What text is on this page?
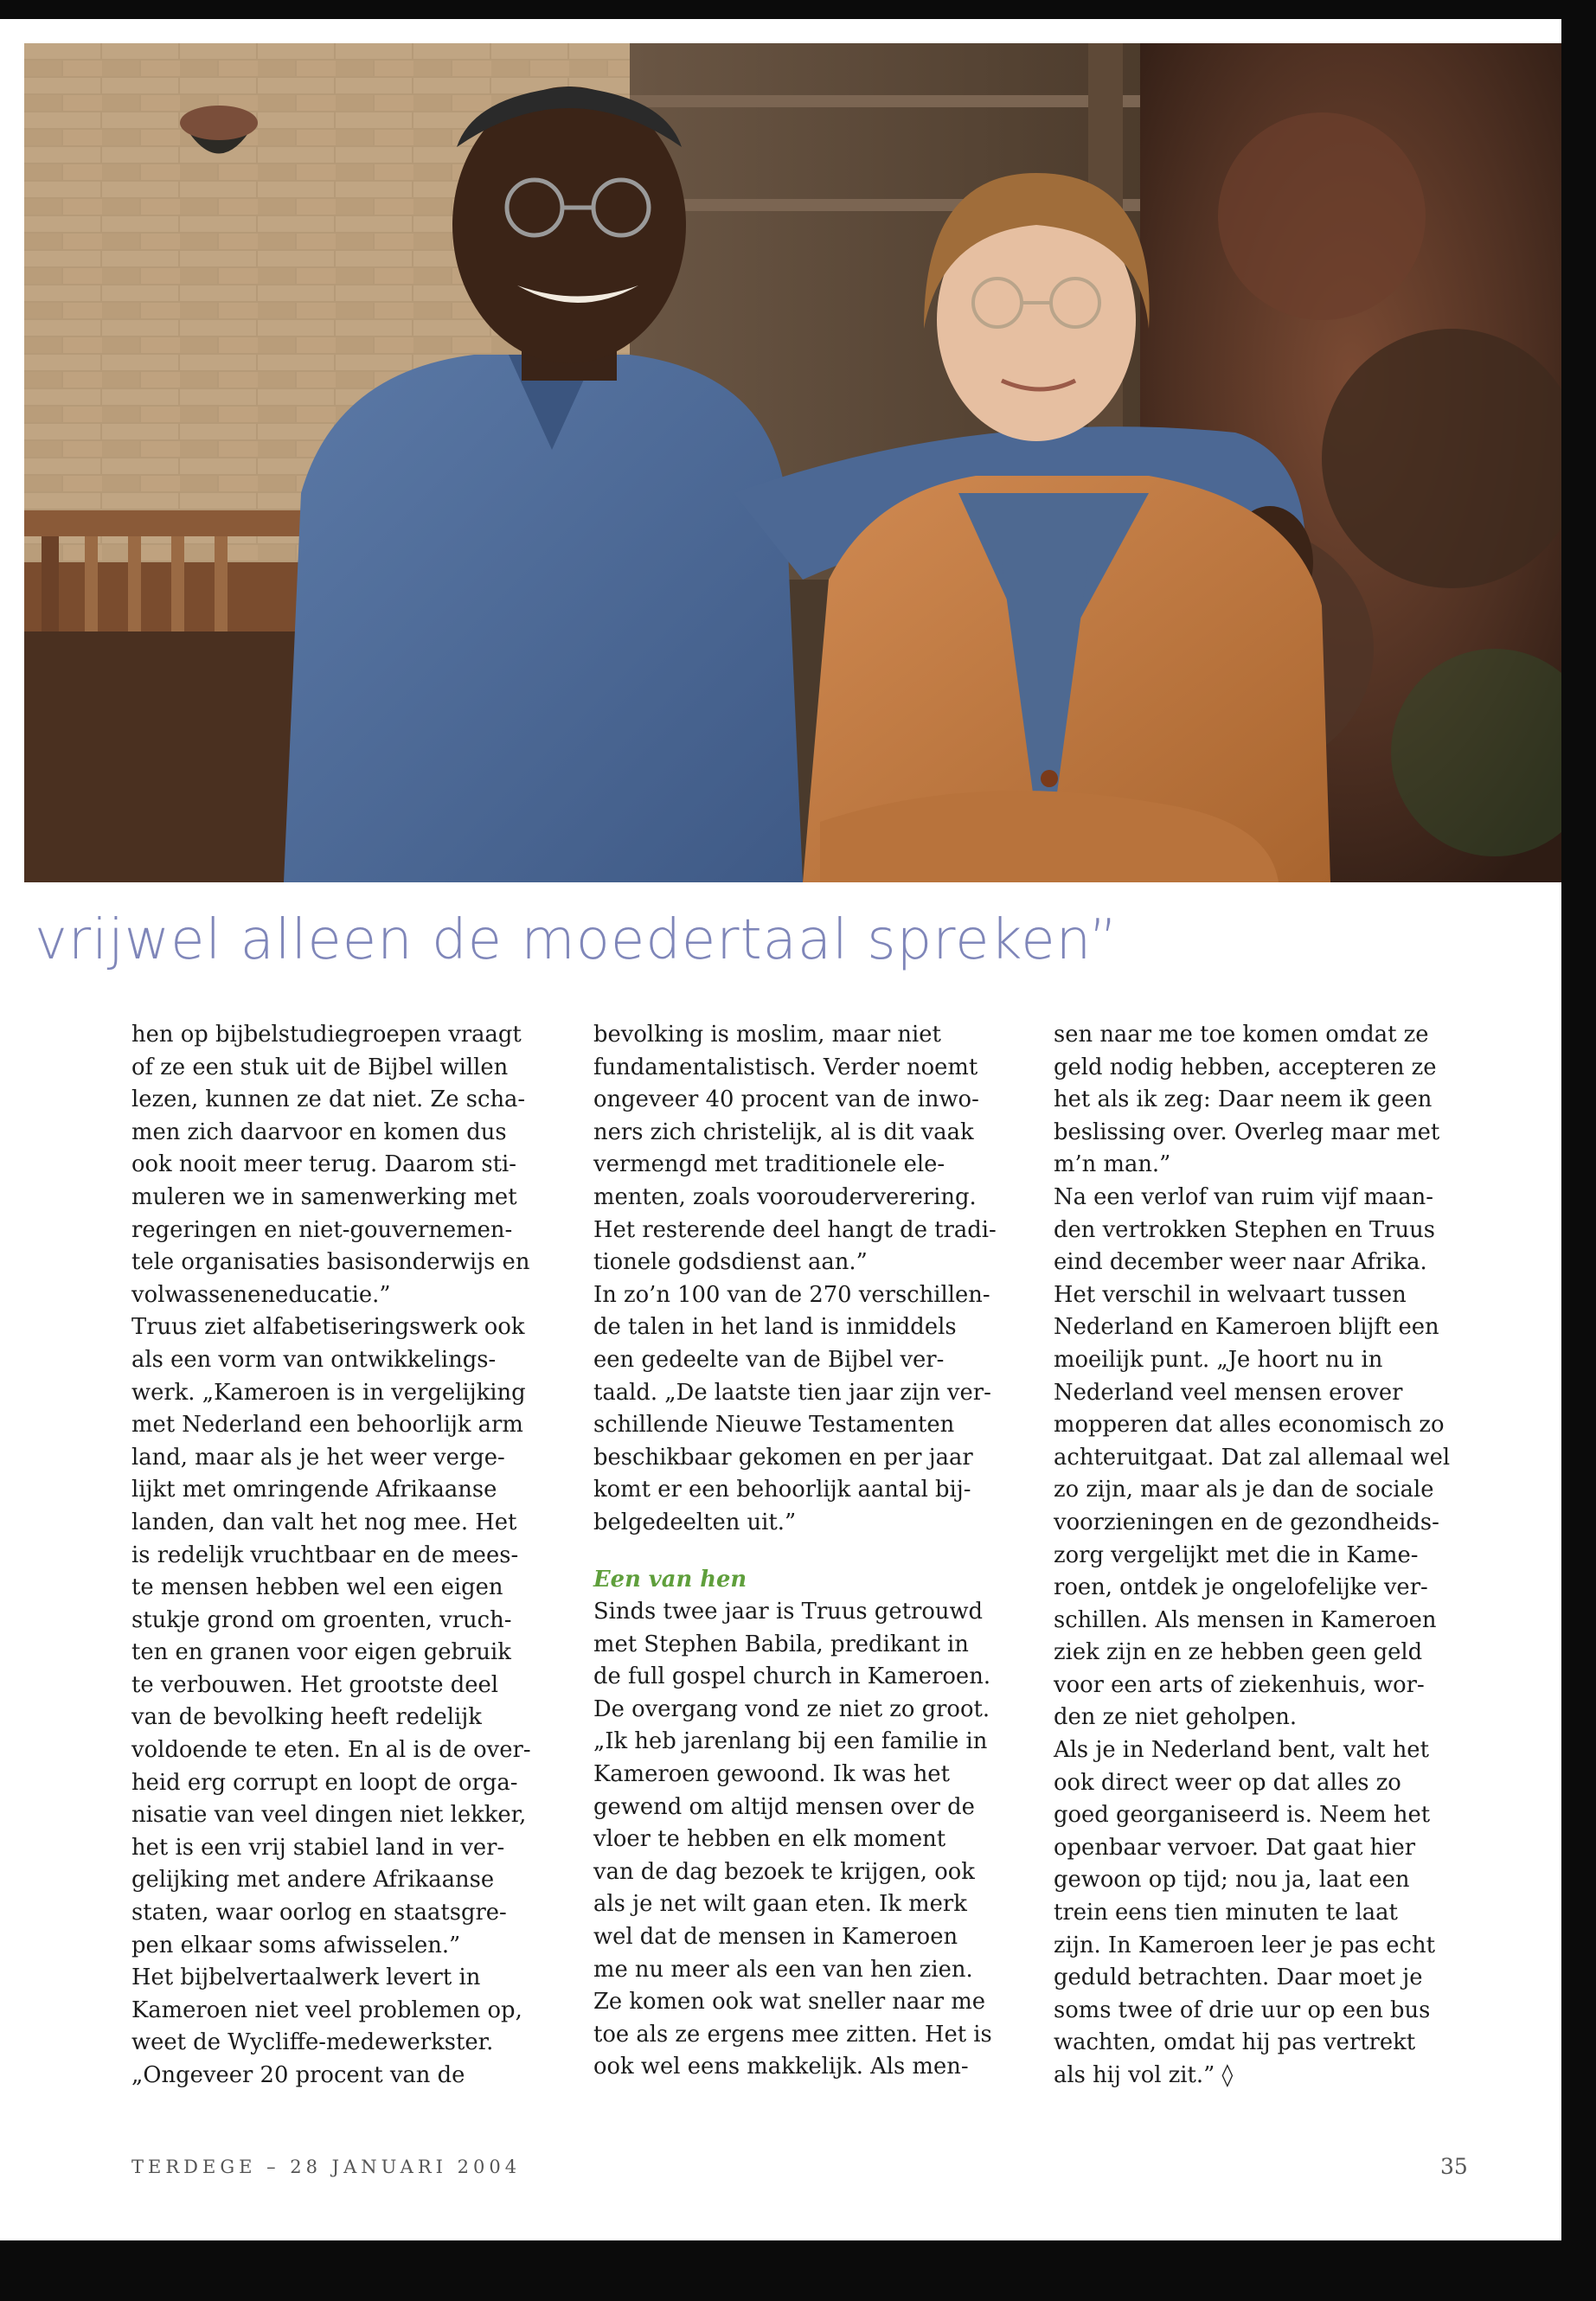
vrijwel alleen de moedertaal spreken”
hen op bijbelstudiegroepen vraagt
of ze een stuk uit de Bijbel willen
lezen, kunnen ze dat niet. Ze scha-
men zich daarvoor en komen dus
ook nooit meer terug. Daarom sti-
muleren we in samenwerking met
regeringen en niet-gouvernemen-
tele organisaties basisonderwijs en
volwasseneneducatie.”
Truus ziet alfabetiseringswerk ook
als een vorm van ontwikkelings-
werk. „Kameroen is in vergelijking
met Nederland een behoorlijk arm
land, maar als je het weer verge-
lijkt met omringende Afrikaanse
landen, dan valt het nog mee. Het
is redelijk vruchtbaar en de mees-
te mensen hebben wel een eigen
stukje grond om groenten, vruch-
ten en granen voor eigen gebruik
te verbouwen. Het grootste deel
van de bevolking heeft redelijk
voldoende te eten. En al is de over-
heid erg corrupt en loopt de orga-
nisatie van veel dingen niet lekker,
het is een vrij stabiel land in ver-
gelijking met andere Afrikaanse
staten, waar oorlog en staatsgre-
pen elkaar soms afwisselen.”
Het bijbelvertaalwerk levert in
Kameroen niet veel problemen op,
weet de Wycliffe-medewerkster.
„Ongeveer 20 procent van de
bevolking is moslim, maar niet
fundamentalistisch. Verder noemt
ongeveer 40 procent van de inwo-
ners zich christelijk, al is dit vaak
vermengd met traditionele ele-
menten, zoals voorouderverering.
Het resterende deel hangt de tradi-
tionele godsdienst aan.”
In zo’n 100 van de 270 verschillen-
de talen in het land is inmiddels
een gedeelte van de Bijbel ver-
taald. „De laatste tien jaar zijn ver-
schillende Nieuwe Testamenten
beschikbaar gekomen en per jaar
komt er een behoorlijk aantal bij-
belgedeelten uit.”
Een van hen
Sinds twee jaar is Truus getrouwd
met Stephen Babila, predikant in
de full gospel church in Kameroen.
De overgang vond ze niet zo groot.
„Ik heb jarenlang bij een familie in
Kameroen gewoond. Ik was het
gewend om altijd mensen over de
vloer te hebben en elk moment
van de dag bezoek te krijgen, ook
als je net wilt gaan eten. Ik merk
wel dat de mensen in Kameroen
me nu meer als een van hen zien.
Ze komen ook wat sneller naar me
toe als ze ergens mee zitten. Het is
ook wel eens makkelijk. Als men-
sen naar me toe komen omdat ze
geld nodig hebben, accepteren ze
het als ik zeg: Daar neem ik geen
beslissing over. Overleg maar met
m’n man.”
Na een verlof van ruim vijf maan-
den vertrokken Stephen en Truus
eind december weer naar Afrika.
Het verschil in welvaart tussen
Nederland en Kameroen blijft een
moeilijk punt. „Je hoort nu in
Nederland veel mensen erover
mopperen dat alles economisch zo
achteruitgaat. Dat zal allemaal wel
zo zijn, maar als je dan de sociale
voorzieningen en de gezondheids-
zorg vergelijkt met die in Kame-
roen, ontdek je ongelofelijke ver-
schillen. Als mensen in Kameroen
ziek zijn en ze hebben geen geld
voor een arts of ziekenhuis, wor-
den ze niet geholpen.
Als je in Nederland bent, valt het
ook direct weer op dat alles zo
goed georganiseerd is. Neem het
openbaar vervoer. Dat gaat hier
gewoon op tijd; nou ja, laat een
trein eens tien minuten te laat
zijn. In Kameroen leer je pas echt
geduld betrachten. Daar moet je
soms twee of drie uur op een bus
wachten, omdat hij pas vertrekt
als hij vol zit.” ◊
TERDEGE – 28 JANUARI 2004	35
